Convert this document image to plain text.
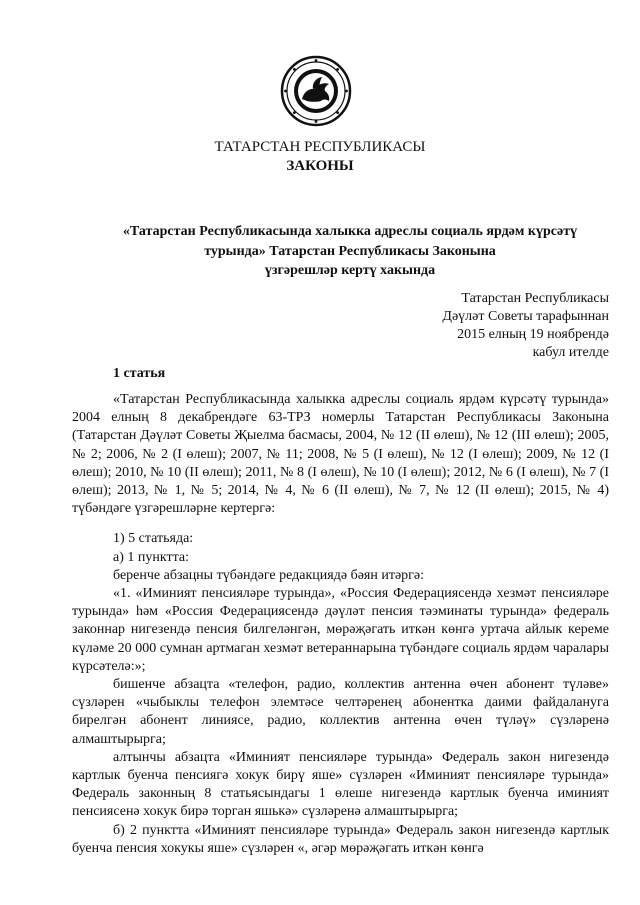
ТАТАРСТАН РЕСПУБЛИКАСЫ
ЗАКОНЫ
«Татарстан Республикасында халыкка адреслы социаль ярдәм күрсәтү
турында» Татарстан Республикасы Законына
үзгәрешләр кертү хакында
Татарстан Республикасы
Дәүләт Советы тарафыннан
2015 елның 19 ноябрендә
кабул ителде
1 статья

«Татарстан Республикасында халыкка адреслы социаль ярдәм күрсәтү турында» 2004 елның 8 декабрендәге 63-ТРЗ номерлы Татарстан Республикасы Законына (Татарстан Дәүләт Советы Җыелма басмасы, 2004, № 12 (II өлеш), № 12 (III өлеш); 2005, № 2; 2006, № 2 (I өлеш); 2007, № 11; 2008, № 5 (I өлеш), № 12 (I өлеш); 2009, № 12 (I өлеш); 2010, № 10 (II өлеш); 2011, № 8 (I өлеш), № 10 (I өлеш); 2012, № 6 (I өлеш), № 7 (I өлеш); 2013, № 1, № 5; 2014, № 4, № 6 (II өлеш), № 7, № 12 (II өлеш); 2015, № 4) түбәндәге үзгәрешләрне кертергә:

1) 5 статьяда:

а) 1 пунктта:

беренче абзацны түбәндәге редакциядә бәян итәргә:

«1. «Иминият пенсияләре турында», «Россия Федерациясендә хезмәт пенсияләре турында» һәм «Россия Федерациясендә дәүләт пенсия тәэминаты турында» федераль законнар нигезендә пенсия билгеләнгән, мөрәҗәгать иткән көнгә уртача айлык кереме күләме 20 000 сумнан артмаган хезмәт ветераннарына түбәндәге социаль ярдәм чаралары күрсәтелә:»;

бишенче абзацта «телефон, радио, коллектив антенна өчен абонент түләве» сүзләрен «чыбыклы телефон элемтәсе челтәренең абонентка даими файдалануга бирелгән абонент линиясе, радио, коллектив антенна өчен түләү» сүзләренә алмаштырырга;

алтынчы абзацта «Иминият пенсияләре турында» Федераль закон нигезендә картлык буенча пенсиягә хокук бирү яше» сүзләрен «Иминият пенсияләре турында» Федераль законның 8 статьясындагы 1 өлеше нигезендә картлык буенча иминият пенсиясенә хокук бирә торган яшькә» сүзләренә алмаштырырга;

б) 2 пунктта «Иминият пенсияләре турында» Федераль закон нигезендә картлык буенча пенсия хокукы яше» сүзләрен «, әгәр мөрәҗәгать иткән көнгә
